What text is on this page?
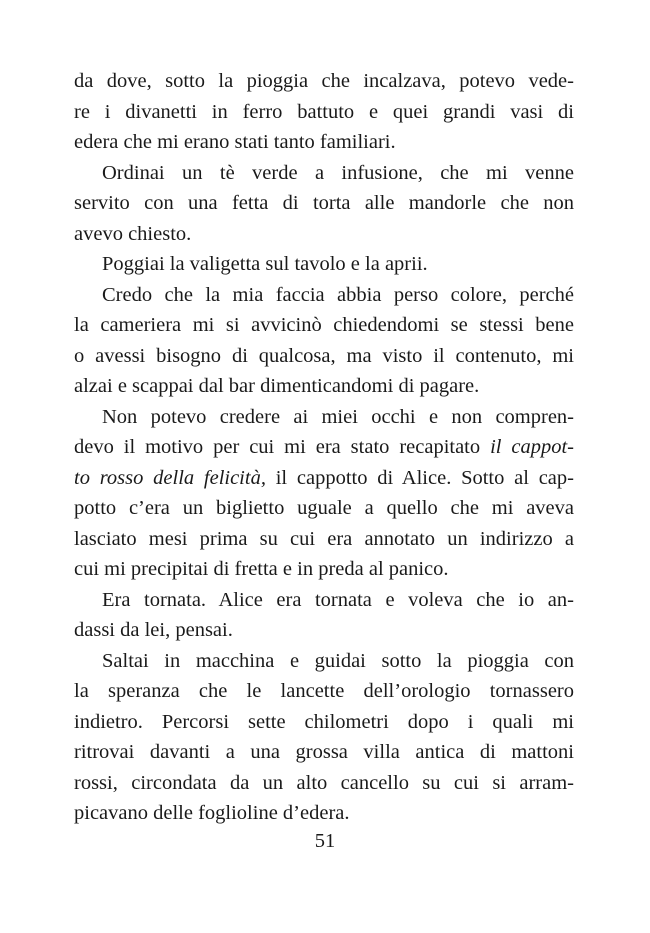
da dove, sotto la pioggia che incalzava, potevo vede-
re i divanetti in ferro battuto e quei grandi vasi di
edera che mi erano stati tanto familiari.
Ordinai un tè verde a infusione, che mi venne
servito con una fetta di torta alle mandorle che non
avevo chiesto.
Poggiai la valigetta sul tavolo e la aprii.
Credo che la mia faccia abbia perso colore, perché
la cameriera mi si avvicinò chiedendomi se stessi bene
o avessi bisogno di qualcosa, ma visto il contenuto, mi
alzai e scappai dal bar dimenticandomi di pagare.
Non potevo credere ai miei occhi e non compren-
devo il motivo per cui mi era stato recapitato il cappot-
to rosso della felicità, il cappotto di Alice. Sotto al cap-
potto c’era un biglietto uguale a quello che mi aveva
lasciato mesi prima su cui era annotato un indirizzo a
cui mi precipitai di fretta e in preda al panico.
Era tornata. Alice era tornata e voleva che io an-
dassi da lei, pensai.
Saltai in macchina e guidai sotto la pioggia con
la speranza che le lancette dell’orologio tornassero
indietro. Percorsi sette chilometri dopo i quali mi
ritrovai davanti a una grossa villa antica di mattoni
rossi, circondata da un alto cancello su cui si arram-
picavano delle foglioline d’edera.
51
